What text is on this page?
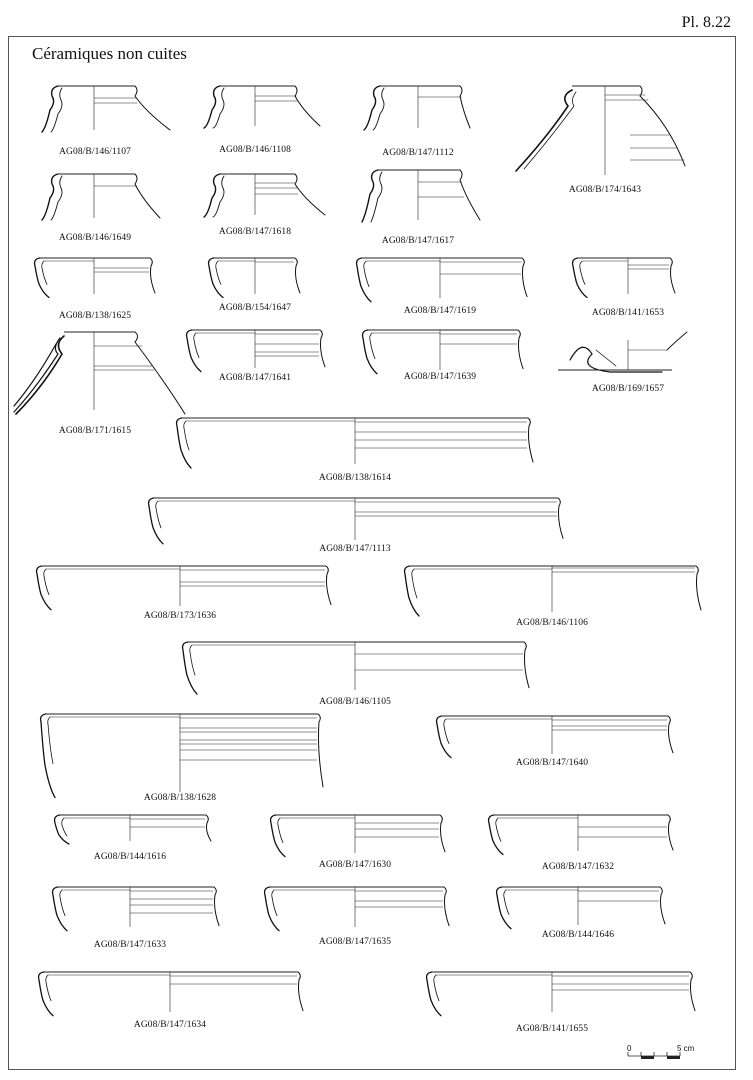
Pl. 8.22
Céramiques non cuites
AG08/B/146/1107	AG08/B/146/1108	AG08/B/147/1112
AG08/B/174/1643
AG08/B/146/1649
AG08/B/147/1618
AG08/B/147/1617
AG08/B/138/1625
AG08/B/154/1647	AG08/B/147/1619	AG08/B/141/1653
AG08/B/171/1615
AG08/B/147/1641	AG08/B/147/1639
AG08/B/169/1657
AG08/B/138/1614
AG08/B/147/1113
AG08/B/173/1636
AG08/B/146/1106
AG08/B/146/1105
AG08/B/138/1628
AG08/B/147/1640
AG08/B/144/1616
AG08/B/147/1630	AG08/B/147/1632
AG08/B/147/1633	AG08/B/147/1635
AG08/B/144/1646
AG08/B/147/1634	AG08/B/141/1655
0	5 cm
